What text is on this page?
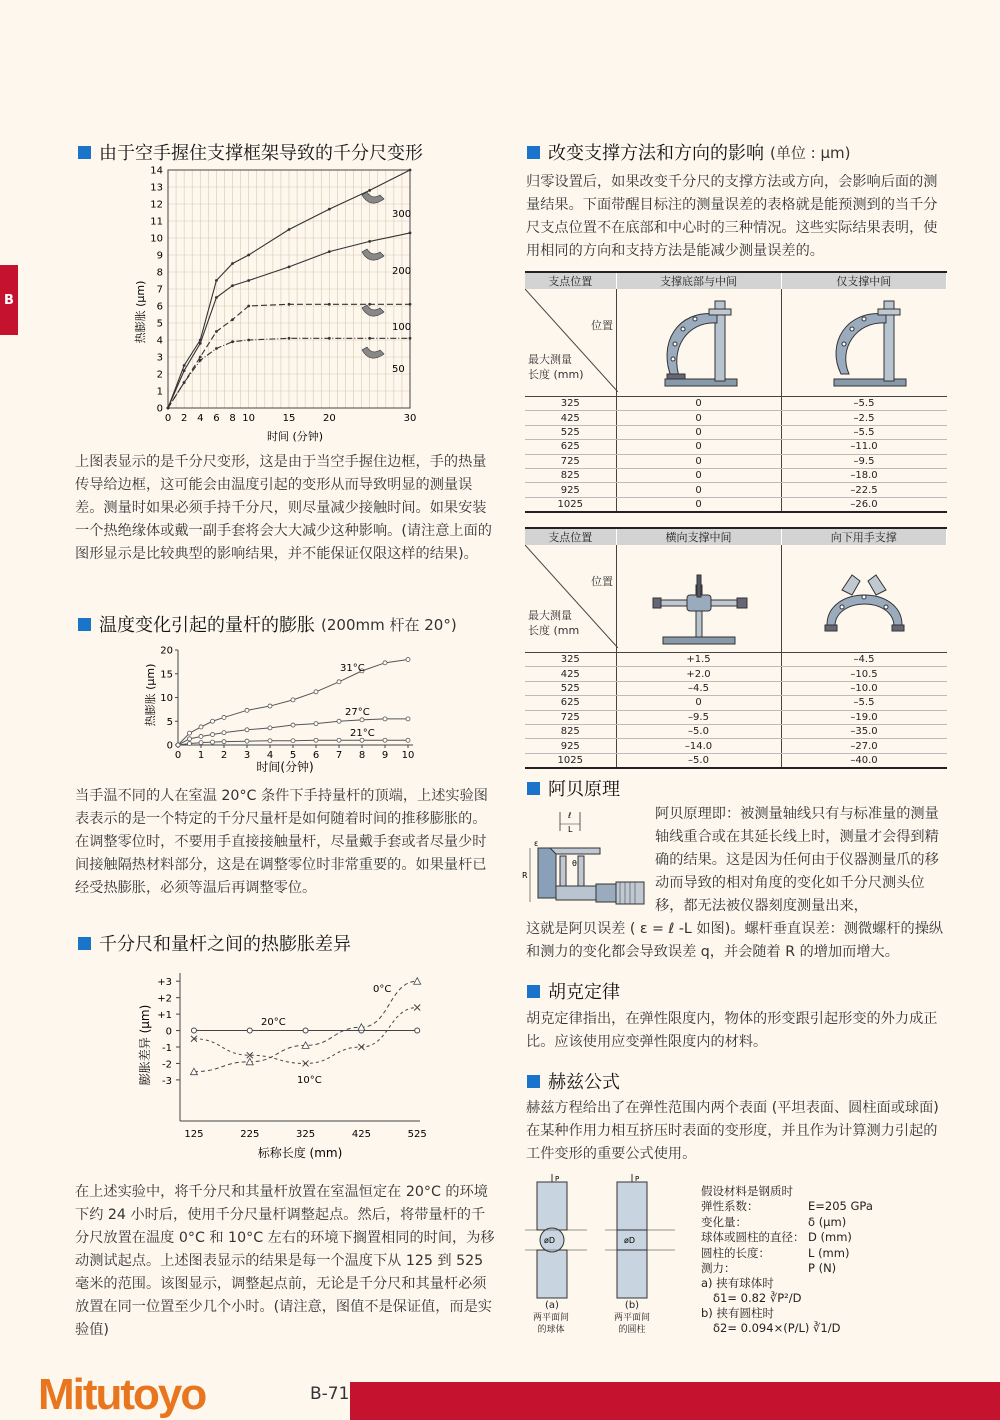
B
由于空手握住支撑框架导致的千分尺变形
热膨胀 (μm)
时间 (分钟)
0
1
2
3
4
5
6
7
8
9
10
11
12
13
14
2 4 6 8 10	15	20	30
0
300
200
100
50
上图表显示的是千分尺变形，这是由于当空手握住边框，手的热量传导给边框，这可能会由温度引起的变形从而导致明显的测量误差。测量时如果必须手持千分尺，则尽量减少接触时间。如果安装一个热绝缘体或戴一副手套将会大大减少这种影响。(请注意上面的图形显示是比较典型的影响结果，并不能保证仅限这样的结果)。
温度变化引起的量杆的膨胀 (200mm 杆在 20°)
热膨胀 (μm)
时间(分钟)
0
5
10
15
20
0 1 2 3 4 5 6 7 8 9 10
31°C
27°C
21°C
当手温不同的人在室温 20°C 条件下手持量杆的顶端，上述实验图表表示的是一个特定的千分尺量杆是如何随着时间的推移膨胀的。在调整零位时，不要用手直接接触量杆，尽量戴手套或者尽量少时间接触隔热材料部分，这是在调整零位时非常重要的。如果量杆已经受热膨胀，必须等温后再调整零位。
千分尺和量杆之间的热膨胀差异
膨胀差异 (μm)
标称长度 (mm)
+3
+2
+1
0
-1
-2
-3
125	225	325	425	525
20°C
0°C
10°C
在上述实验中，将千分尺和其量杆放置在室温恒定在 20°C 的环境下约 24 小时后，使用千分尺量杆调整起点。然后，将带量杆的千分尺放置在温度 0°C 和 10°C 左右的环境下搁置相同的时间，为移动测试起点。上述图表显示的结果是每一个温度下从 125 到 525 毫米的范围。该图显示，调整起点前，无论是千分尺和其量杆必须放置在同一位置至少几个小时。(请注意，图值不是保证值，而是实验值)
改变支撑方法和方向的影响 (单位 : μm)
归零设置后，如果改变千分尺的支撑方法或方向，会影响后面的测量结果。下面带醒目标注的测量误差的表格就是能预测到的当千分尺支点位置不在底部和中心时的三种情况。这些实际结果表明，使用相同的方向和支持方法是能减少测量误差的。
支点位置	支撑底部与中间	仅支撑中间

位置
最大测量
长度 (mm)

325	0	–5.5
425	0	–2.5
525	0	–5.5
625	0	–11.0
725	0	–9.5
825	0	–18.0
925	0	–22.5
1025	0	–26.0
支点位置	横向支撑中间	向下用手支撑

位置
最大测量
长度 (mm

325	+1.5	–4.5
425	+2.0	–10.5
525	–4.5	–10.0
625	0	–5.5
725	–9.5	–19.0
825	–5.0	–35.0
925	–14.0	–27.0
1025	–5.0	–40.0
阿贝原理
ℓ
L
R
θ
ε
阿贝原理即：被测量轴线只有与标准量的测量轴线重合或在其延长线上时，测量才会得到精确的结果。这是因为任何由于仪器测量爪的移动而导致的相对角度的变化如千分尺测头位移，都无法被仪器刻度测量出来，
这就是阿贝误差 ( ε = ℓ -L 如图)。螺杆垂直误差：测微螺杆的操纵和测力的变化都会导致误差 q，并会随着 R 的增加而增大。
胡克定律
胡克定律指出，在弹性限度内，物体的形变跟引起形变的外力成正比。应该使用应变弹性限度内的材料。
赫兹公式
赫兹方程给出了在弹性范围内两个表面 (平坦表面、圆柱面或球面) 在某种作用力相互挤压时表面的变形度，并且作为计算测力引起的工件变形的重要公式使用。
øD
P
øD
P
(a)
两平面间
的球体
(b)
两平面间
的圆柱
假设材料是钢质时
弹性系数：	E=205 GPa
变化量：	δ (μm)
球体或圆柱的直径： D (mm)
圆柱的长度：	L (mm)
测力：	P (N)
a) 挟有球体时
δ1= 0.82 ∛P²/D
b) 挟有圆柱时
δ2= 0.094×(P/L) ∛1/D
Mitutoyo	B-71
